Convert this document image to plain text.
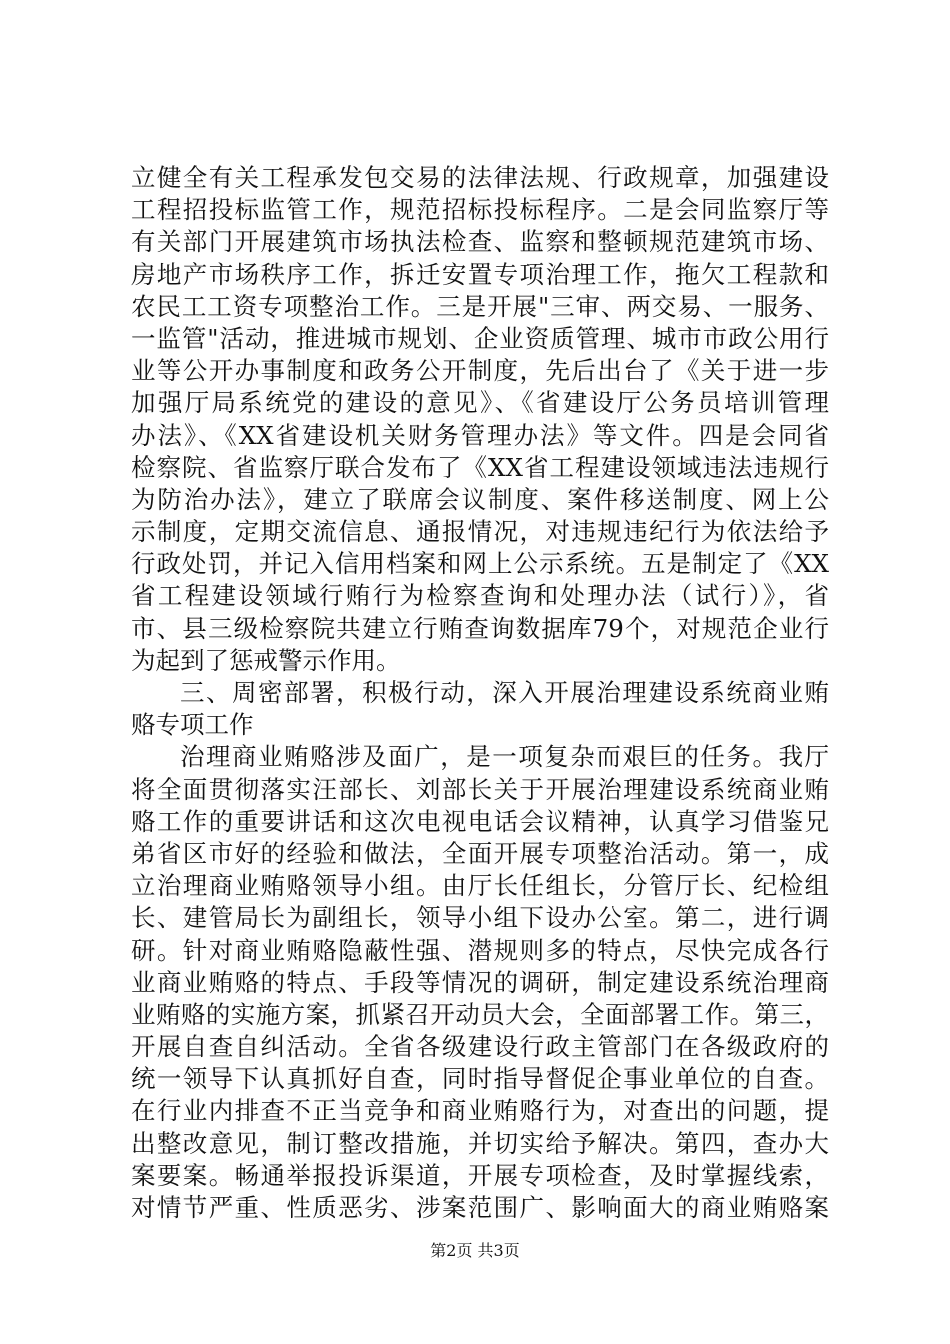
立健全有关工程承发包交易的法律法规、行政规章，加强建设
工程招投标监管工作，规范招标投标程序。二是会同监察厅等
有关部门开展建筑市场执法检查、监察和整顿规范建筑市场、
房地产市场秩序工作，拆迁安置专项治理工作，拖欠工程款和
农民工工资专项整治工作。三是开展"三审、两交易、一服务、
一监管"活动，推进城市规划、企业资质管理、城市市政公用行
业等公开办事制度和政务公开制度，先后出台了《关于进一步
加强厅局系统党的建设的意见》、《省建设厅公务员培训管理
办法》、《XX省建设机关财务管理办法》等文件。四是会同省
检察院、省监察厅联合发布了《XX省工程建设领域违法违规行
为防治办法》，建立了联席会议制度、案件移送制度、网上公
示制度，定期交流信息、通报情况，对违规违纪行为依法给予
行政处罚，并记入信用档案和网上公示系统。五是制定了《XX
省工程建设领域行贿行为检察查询和处理办法（试行）》，省
市、县三级检察院共建立行贿查询数据库79个，对规范企业行
为起到了惩戒警示作用。
三、周密部署，积极行动，深入开展治理建设系统商业贿
赂专项工作
治理商业贿赂涉及面广，是一项复杂而艰巨的任务。我厅
将全面贯彻落实汪部长、刘部长关于开展治理建设系统商业贿
赂工作的重要讲话和这次电视电话会议精神，认真学习借鉴兄
弟省区市好的经验和做法，全面开展专项整治活动。第一，成
立治理商业贿赂领导小组。由厅长任组长，分管厅长、纪检组
长、建管局长为副组长，领导小组下设办公室。第二，进行调
研。针对商业贿赂隐蔽性强、潜规则多的特点，尽快完成各行
业商业贿赂的特点、手段等情况的调研，制定建设系统治理商
业贿赂的实施方案，抓紧召开动员大会，全面部署工作。第三，
开展自查自纠活动。全省各级建设行政主管部门在各级政府的
统一领导下认真抓好自查，同时指导督促企事业单位的自查。
在行业内排查不正当竞争和商业贿赂行为，对查出的问题，提
出整改意见，制订整改措施，并切实给予解决。第四，查办大
案要案。畅通举报投诉渠道，开展专项检查，及时掌握线索，
对情节严重、性质恶劣、涉案范围广、影响面大的商业贿赂案
第2页 共3页
